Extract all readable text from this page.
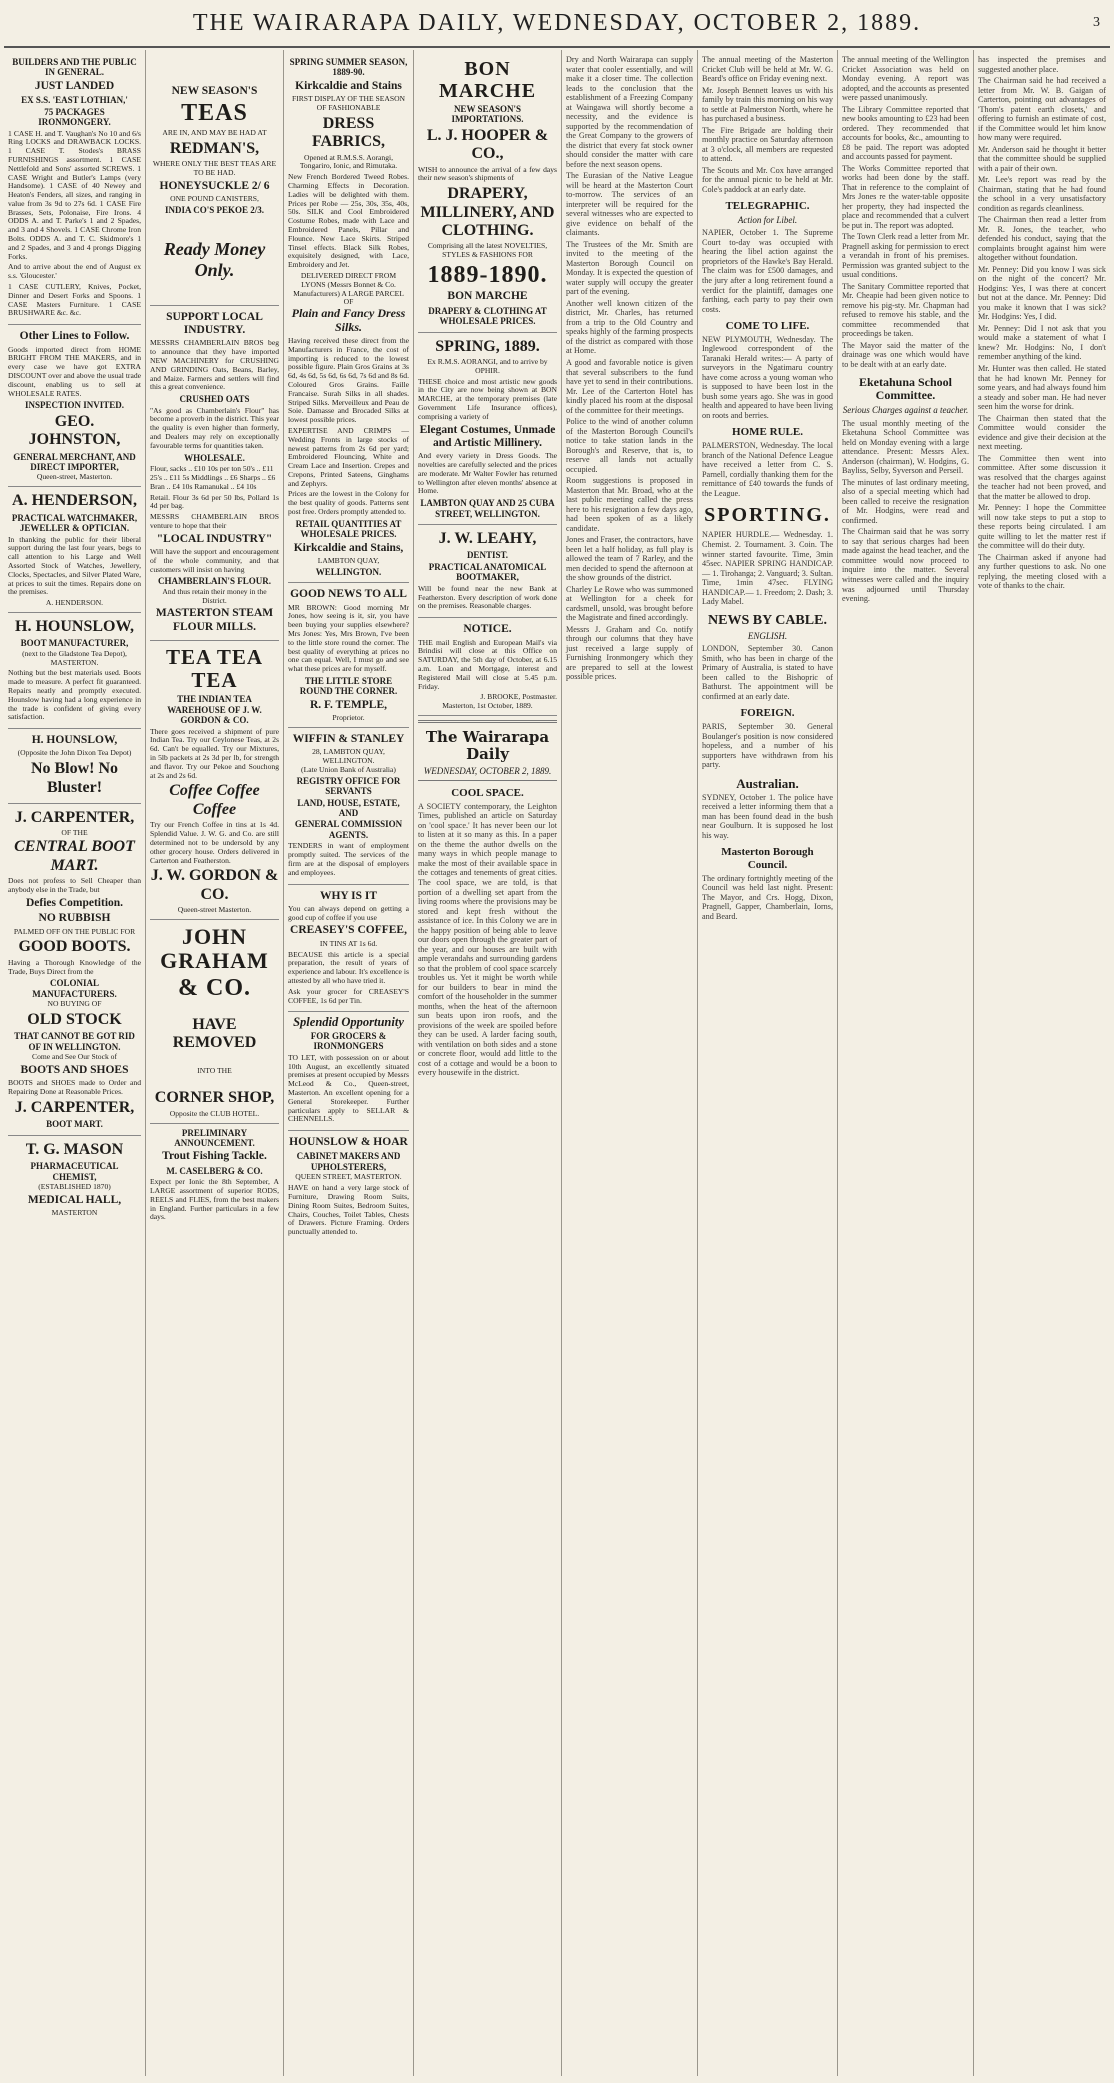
THE WAIRARAPA DAILY, WEDNESDAY, OCTOBER 2, 1889.	3
BUILDERS AND THE PUBLIC IN GENERAL.
JUST LANDED
EX S.S. 'EAST LOTHIAN,'
75 PACKAGES IRONMONGERY.
1 CASE H. and T. Vaughan's No 10 and 6/s Ring LOCKS and DRAWBACK LOCKS. 1 CASE T. Stodes's BRASS FURNISHINGS assortment. 1 CASE Nettlefold and Sons' assorted SCREWS. 1 CASE Wright and Butler's Lamps (very Handsome). 1 CASE of 40 Newey and Heaton's Fenders, all sizes, and ranging in value from 3s 9d to 27s 6d. 1 CASE Fire Brasses, Sets, Polonaise, Fire Irons. 4 ODDS A. and T. Parke's 1 and 2 Spades, and 3 and 4 Shovels. 1 CASE Chrome Iron Bolts. ODDS A. and T. C. Skidmore's 1 and 2 Spades, and 3 and 4 prongs Digging Forks.
And to arrive about the end of August ex s.s. 'Gloucester.'
1 CASE CUTLERY, Knives, Pocket, Dinner and Desert Forks and Spoons. 1 CASE Masters Furniture. 1 CASE BRUSHWARE &c. &c.
Other Lines to Follow.
Goods imported direct from HOME BRIGHT FROM THE MAKERS, and in every case we have got EXTRA DISCOUNT over and above the usual trade discount, enabling us to sell at WHOLESALE RATES.
INSPECTION INVITED.
GEO. JOHNSTON,
GENERAL MERCHANT, AND DIRECT IMPORTER,
Queen-street, Masterton.
A. HENDERSON,
PRACTICAL WATCHMAKER, JEWELLER & OPTICIAN.
In thanking the public for their liberal support during the last four years, begs to call attention to his Large and Well Assorted Stock of Watches, Jewellery, Clocks, Spectacles, and Silver Plated Ware, at prices to suit the times. Repairs done on the premises.
A. HENDERSON.
H. HOUNSLOW,
BOOT MANUFACTURER,
(next to the Gladstone Tea Depot), MASTERTON.
Nothing but the best materials used. Boots made to measure. A perfect fit guaranteed. Repairs neatly and promptly executed. Hounslow having had a long experience in the trade is confident of giving every satisfaction.
H. HOUNSLOW,
(Opposite the John Dixon Tea Depot)
No Blow! No Bluster!
J. CARPENTER,
OF THE
CENTRAL BOOT MART.
Does not profess to Sell Cheaper than anybody else in the Trade, but
Defies Competition.
NO RUBBISH
PALMED OFF ON THE PUBLIC FOR
GOOD BOOTS.
Having a Thorough Knowledge of the Trade, Buys Direct from the
COLONIAL MANUFACTURERS.
NO BUYING OF
OLD STOCK
THAT CANNOT BE GOT RID OF IN WELLINGTON.
Come and See Our Stock of
BOOTS AND SHOES
BOOTS and SHOES made to Order and Repairing Done at Reasonable Prices.
J. CARPENTER,
BOOT MART.
T. G. MASON
PHARMACEUTICAL CHEMIST,
(ESTABLISHED 1870)
MEDICAL HALL,
MASTERTON
NEW SEASON'S
TEAS
ARE IN, AND MAY BE HAD AT
REDMAN'S,
WHERE ONLY THE BEST TEAS ARE TO BE HAD.
HONEYSUCKLE 2/ 6
ONE POUND CANISTERS,
INDIA CO'S PEKOE 2/3.
Ready Money Only.
SUPPORT LOCAL INDUSTRY.
MESSRS CHAMBERLAIN BROS beg to announce that they have imported NEW MACHINERY for CRUSHING AND GRINDING Oats, Beans, Barley, and Maize. Farmers and settlers will find this a great convenience.
CRUSHED OATS
"As good as Chamberlain's Flour" has become a proverb in the district. This year the quality is even higher than formerly, and Dealers may rely on exceptionally favourable terms for quantities taken.
WHOLESALE.
Flour, sacks .. £10 10s per ton 50's .. £11 25's .. £11 5s Middlings .. £6 Sharps .. £6 Bran .. £4 10s Ramanukal .. £4 10s
Retail. Flour 3s 6d per 50 lbs, Pollard 1s 4d per bag.
MESSRS CHAMBERLAIN BROS venture to hope that their
"LOCAL INDUSTRY"
Will have the support and encouragement of the whole community, and that customers will insist on having
CHAMBERLAIN'S FLOUR.
And thus retain their money in the District.
MASTERTON STEAM FLOUR MILLS.
TEA TEA TEA
THE INDIAN TEA WAREHOUSE OF J. W. GORDON & CO.
There goes received a shipment of pure Indian Tea. Try our Ceylonese Teas, at 2s 6d. Can't be equalled. Try our Mixtures, in 5lb packets at 2s 3d per lb, for strength and flavor. Try our Pekoe and Souchong at 2s and 2s 6d.
Coffee Coffee Coffee
Try our French Coffee in tins at 1s 4d. Splendid Value. J. W. G. and Co. are still determined not to be undersold by any other grocery house. Orders delivered in Carterton and Featherston.
J. W. GORDON & CO.
Queen-street Masterton.
JOHN GRAHAM
& CO.
HAVE REMOVED
INTO THE
CORNER SHOP,
Opposite the CLUB HOTEL.
PRELIMINARY ANNOUNCEMENT.
Trout Fishing Tackle.
M. CASELBERG & CO.
Expect per Ionic the 8th September, A LARGE assortment of superior RODS, REELS and FLIES, from the best makers in England. Further particulars in a few days.
SPRING SUMMER SEASON, 1889-90.
Kirkcaldie and Stains
FIRST DISPLAY OF THE SEASON OF FASHIONABLE
DRESS FABRICS,
Opened at R.M.S.S. Aorangi, Tongariro, Ionic, and Rimutaka.
New French Bordered Tweed Robes. Charming Effects in Decoration. Ladies will be delighted with them. Prices per Robe — 25s, 30s, 35s, 40s, 50s. SILK and Cool Embroidered Costume Robes, made with Lace and Embroidered Panels, Pillar and Flounce. New Lace Skirts. Striped Tinsel effects. Black Silk Robes, exquisitely designed, with Lace, Embroidery and Jet.
DELIVERED DIRECT FROM LYONS (Messrs Bonnet & Co. Manufacturers) A LARGE PARCEL OF
Plain and Fancy Dress Silks.
Having received these direct from the Manufacturers in France, the cost of importing is reduced to the lowest possible figure. Plain Gros Grains at 3s 6d, 4s 6d, 5s 6d, 6s 6d, 7s 6d and 8s 6d. Coloured Gros Grains. Faille Francaise. Surah Silks in all shades. Striped Silks. Merveilleux and Peau de Soie. Damasse and Brocaded Silks at lowest possible prices.
EXPERTISE AND CRIMPS — Wedding Fronts in large stocks of newest patterns from 2s 6d per yard; Embroidered Flouncing, White and Cream Lace and Insertion. Crepes and Crepons, Printed Sateens, Ginghams and Zephyrs.
Prices are the lowest in the Colony for the best quality of goods. Patterns sent post free. Orders promptly attended to.
RETAIL QUANTITIES AT WHOLESALE PRICES.
Kirkcaldie and Stains,
LAMBTON QUAY,
WELLINGTON.
GOOD NEWS TO ALL
MR BROWN: Good morning Mr Jones, how seeing is it, sir, you have been buying your supplies elsewhere? Mrs Jones: Yes, Mrs Brown, I've been to the little store round the corner. The best quality of everything at prices no one can equal. Well, I must go and see what these prices are for myself.
THE LITTLE STORE ROUND THE CORNER.
R. F. TEMPLE,
Proprietor.
WIFFIN & STANLEY
28, LAMBTON QUAY, WELLINGTON.
(Late Union Bank of Australia)
REGISTRY OFFICE FOR SERVANTS
LAND, HOUSE, ESTATE, AND
GENERAL COMMISSION AGENTS.
TENDERS in want of employment promptly suited. The services of the firm are at the disposal of employers and employees.
WHY IS IT
You can always depend on getting a good cup of coffee if you use
CREASEY'S COFFEE,
IN TINS AT 1s 6d.
BECAUSE this article is a special preparation, the result of years of experience and labour. It's excellence is attested by all who have tried it.
Ask your grocer for CREASEY'S COFFEE, 1s 6d per Tin.
Splendid Opportunity
FOR GROCERS & IRONMONGERS
TO LET, with possession on or about 10th August, an excellently situated premises at present occupied by Messrs McLeod & Co., Queen-street, Masterton. An excellent opening for a General Storekeeper. Further particulars apply to SELLAR & CHENNELLS.
HOUNSLOW & HOAR
CABINET MAKERS AND UPHOLSTERERS,
QUEEN STREET, MASTERTON.
HAVE on hand a very large stock of Furniture, Drawing Room Suits, Dining Room Suites, Bedroom Suites, Chairs, Couches, Toilet Tables, Chests of Drawers. Picture Framing. Orders punctually attended to.
BON MARCHE
NEW SEASON'S IMPORTATIONS.
L. J. HOOPER & CO.,
WISH to announce the arrival of a few days their new season's shipments of
DRAPERY, MILLINERY, AND CLOTHING.
Comprising all the latest NOVELTIES, STYLES & FASHIONS FOR
1889-1890.
BON MARCHE
DRAPERY & CLOTHING AT WHOLESALE PRICES.
SPRING, 1889.
Ex R.M.S. AORANGI, and to arrive by OPHIR.
THESE choice and most artistic new goods in the City are now being shown at BON MARCHE, at the temporary premises (late Government Life Insurance offices), comprising a variety of
Elegant Costumes, Unmade and Artistic Millinery.
And every variety in Dress Goods. The novelties are carefully selected and the prices are moderate. Mr Walter Fowler has returned to Wellington after eleven months' absence at Home.
LAMBTON QUAY AND 25 CUBA STREET, WELLINGTON.
J. W. LEAHY,
DENTIST.
PRACTICAL ANATOMICAL BOOTMAKER,
Will be found near the new Bank at Featherston. Every description of work done on the premises. Reasonable charges.
NOTICE.
THE mail English and European Mail's via Brindisi will close at this Office on SATURDAY, the 5th day of October, at 6.15 a.m. Loan and Mortgage, interest and Registered Mail will close at 5.45 p.m. Friday.
J. BROOKE, Postmaster.
Masterton, 1st October, 1889.
The Wairarapa Daily
WEDNESDAY, OCTOBER 2, 1889.
COOL SPACE.
A SOCIETY contemporary, the Leighton Times, published an article on Saturday on 'cool space.' It has never been our lot to listen at it so many as this. In a paper on the theme the author dwells on the many ways in which people manage to make the most of their available space in the cottages and tenements of great cities. The cool space, we are told, is that portion of a dwelling set apart from the living rooms where the provisions may be stored and kept fresh without the assistance of ice. In this Colony we are in the happy position of being able to leave our doors open through the greater part of the year, and our houses are built with ample verandahs and surrounding gardens so that the problem of cool space scarcely troubles us. Yet it might be worth while for our builders to bear in mind the comfort of the householder in the summer months, when the heat of the afternoon sun beats upon iron roofs, and the provisions of the week are spoiled before they can be used. A larder facing south, with ventilation on both sides and a stone or concrete floor, would add little to the cost of a cottage and would be a boon to every housewife in the district.
Dry and North Wairarapa can supply water that cooler essentially, and will make it a closer time. The collection leads to the conclusion that the establishment of a Freezing Company at Waingawa will shortly become a necessity, and the evidence is supported by the recommendation of the Great Company to the growers of the district that every fat stock owner should consider the matter with care before the next season opens.
The Eurasian of the Native League will be heard at the Masterton Court to-morrow. The services of an interpreter will be required for the several witnesses who are expected to give evidence on behalf of the claimants.
The Trustees of the Mr. Smith are invited to the meeting of the Masterton Borough Council on Monday. It is expected the question of water supply will occupy the greater part of the evening.
Another well known citizen of the district, Mr. Charles, has returned from a trip to the Old Country and speaks highly of the farming prospects of the district as compared with those at Home.
A good and favorable notice is given that several subscribers to the fund have yet to send in their contributions. Mr. Lee of the Carterton Hotel has kindly placed his room at the disposal of the committee for their meetings.
Police to the wind of another column of the Masterton Borough Council's notice to take station lands in the Borough's and Reserve, that is, to reserve all lands not actually occupied.
Room suggestions is proposed in Masterton that Mr. Broad, who at the last public meeting called the press here to his resignation a few days ago, had been spoken of as a likely candidate.
Jones and Fraser, the contractors, have been let a half holiday, as full play is allowed the team of 7 Rarley, and the men decided to spend the afternoon at the show grounds of the district.
Charley Le Rowe who was summoned at Wellington for a cheek for cardsmell, unsold, was brought before the Magistrate and fined accordingly.
Messrs J. Graham and Co. notify through our columns that they have just received a large supply of Furnishing Ironmongery which they are prepared to sell at the lowest possible prices.
The annual meeting of the Masterton Cricket Club will be held at Mr. W. G. Beard's office on Friday evening next.
Mr. Joseph Bennett leaves us with his family by train this morning on his way to settle at Palmerston North, where he has purchased a business.
The Fire Brigade are holding their monthly practice on Saturday afternoon at 3 o'clock, all members are requested to attend.
The Scouts and Mr. Cox have arranged for the annual picnic to be held at Mr. Cole's paddock at an early date.
TELEGRAPHIC.
Action for Libel.
NAPIER, October 1. The Supreme Court to-day was occupied with hearing the libel action against the proprietors of the Hawke's Bay Herald. The claim was for £500 damages, and the jury after a long retirement found a verdict for the plaintiff, damages one farthing, each party to pay their own costs.
COME TO LIFE.
NEW PLYMOUTH, Wednesday. The Inglewood correspondent of the Taranaki Herald writes:— A party of surveyors in the Ngatimaru country have come across a young woman who is supposed to have been lost in the bush some years ago. She was in good health and appeared to have been living on roots and berries.
HOME RULE.
PALMERSTON, Wednesday. The local branch of the National Defence League have received a letter from C. S. Parnell, cordially thanking them for the remittance of £40 towards the funds of the League.
SPORTING.
NAPIER HURDLE.— Wednesday. 1. Chemist. 2. Tournament. 3. Coin. The winner started favourite. Time, 3min 45sec. NAPIER SPRING HANDICAP.— 1. Tirohanga; 2. Vanguard; 3. Sultan. Time, 1min 47sec. FLYING HANDICAP.— 1. Freedom; 2. Dash; 3. Lady Mabel.
NEWS BY CABLE.
ENGLISH.
LONDON, September 30. Canon Smith, who has been in charge of the Primary of Australia, is stated to have been called to the Bishopric of Bathurst. The appointment will be confirmed at an early date.
FOREIGN.
PARIS, September 30. General Boulanger's position is now considered hopeless, and a number of his supporters have withdrawn from his party.
Australian.
SYDNEY, October 1. The police have received a letter informing them that a man has been found dead in the bush near Goulburn. It is supposed he lost his way.
Masterton Borough Council.
The ordinary fortnightly meeting of the Council was held last night. Present: The Mayor, and Crs. Hogg, Dixon, Pragnell, Gapper, Chamberlain, Iorns, and Beard.
The annual meeting of the Wellington Cricket Association was held on Monday evening. A report was adopted, and the accounts as presented were passed unanimously.
The Library Committee reported that new books amounting to £23 had been ordered. They recommended that accounts for books, &c., amounting to £8 be paid. The report was adopted and accounts passed for payment.
The Works Committee reported that works had been done by the staff. That in reference to the complaint of Mrs Jones re the water-table opposite her property, they had inspected the place and recommended that a culvert be put in. The report was adopted.
The Town Clerk read a letter from Mr. Pragnell asking for permission to erect a verandah in front of his premises. Permission was granted subject to the usual conditions.
The Sanitary Committee reported that Mr. Cheapie had been given notice to remove his pig-sty. Mr. Chapman had refused to remove his stable, and the committee recommended that proceedings be taken.
The Mayor said the matter of the drainage was one which would have to be dealt with at an early date.
Eketahuna School Committee.
Serious Charges against a teacher.
The usual monthly meeting of the Eketahuna School Committee was held on Monday evening with a large attendance. Present: Messrs Alex. Anderson (chairman), W. Hodgins, G. Bayliss, Selby, Syverson and Perseil.
The minutes of last ordinary meeting, also of a special meeting which had been called to receive the resignation of Mr. Hodgins, were read and confirmed.
The Chairman said that he was sorry to say that serious charges had been made against the head teacher, and the committee would now proceed to inquire into the matter. Several witnesses were called and the inquiry was adjourned until Thursday evening.
has inspected the premises and suggested another place.
The Chairman said he had received a letter from Mr. W. B. Gaigan of Carterton, pointing out advantages of 'Thom's patent earth closets,' and offering to furnish an estimate of cost, if the Committee would let him know how many were required.
Mr. Anderson said he thought it better that the committee should be supplied with a pair of their own.
Mr. Lee's report was read by the Chairman, stating that he had found the school in a very unsatisfactory condition as regards cleanliness.
The Chairman then read a letter from Mr. R. Jones, the teacher, who defended his conduct, saying that the complaints brought against him were altogether without foundation.
Mr. Penney: Did you know I was sick on the night of the concert? Mr. Hodgins: Yes, I was there at concert but not at the dance. Mr. Penney: Did you make it known that I was sick? Mr. Hodgins: Yes, I did.
Mr. Penney: Did I not ask that you would make a statement of what I knew? Mr. Hodgins: No, I don't remember anything of the kind.
Mr. Hunter was then called. He stated that he had known Mr. Penney for some years, and had always found him a steady and sober man. He had never seen him the worse for drink.
The Chairman then stated that the Committee would consider the evidence and give their decision at the next meeting.
The Committee then went into committee. After some discussion it was resolved that the charges against the teacher had not been proved, and that the matter be allowed to drop.
Mr. Penney: I hope the Committee will now take steps to put a stop to these reports being circulated. I am quite willing to let the matter rest if the committee will do their duty.
The Chairman asked if anyone had any further questions to ask. No one replying, the meeting closed with a vote of thanks to the chair.
